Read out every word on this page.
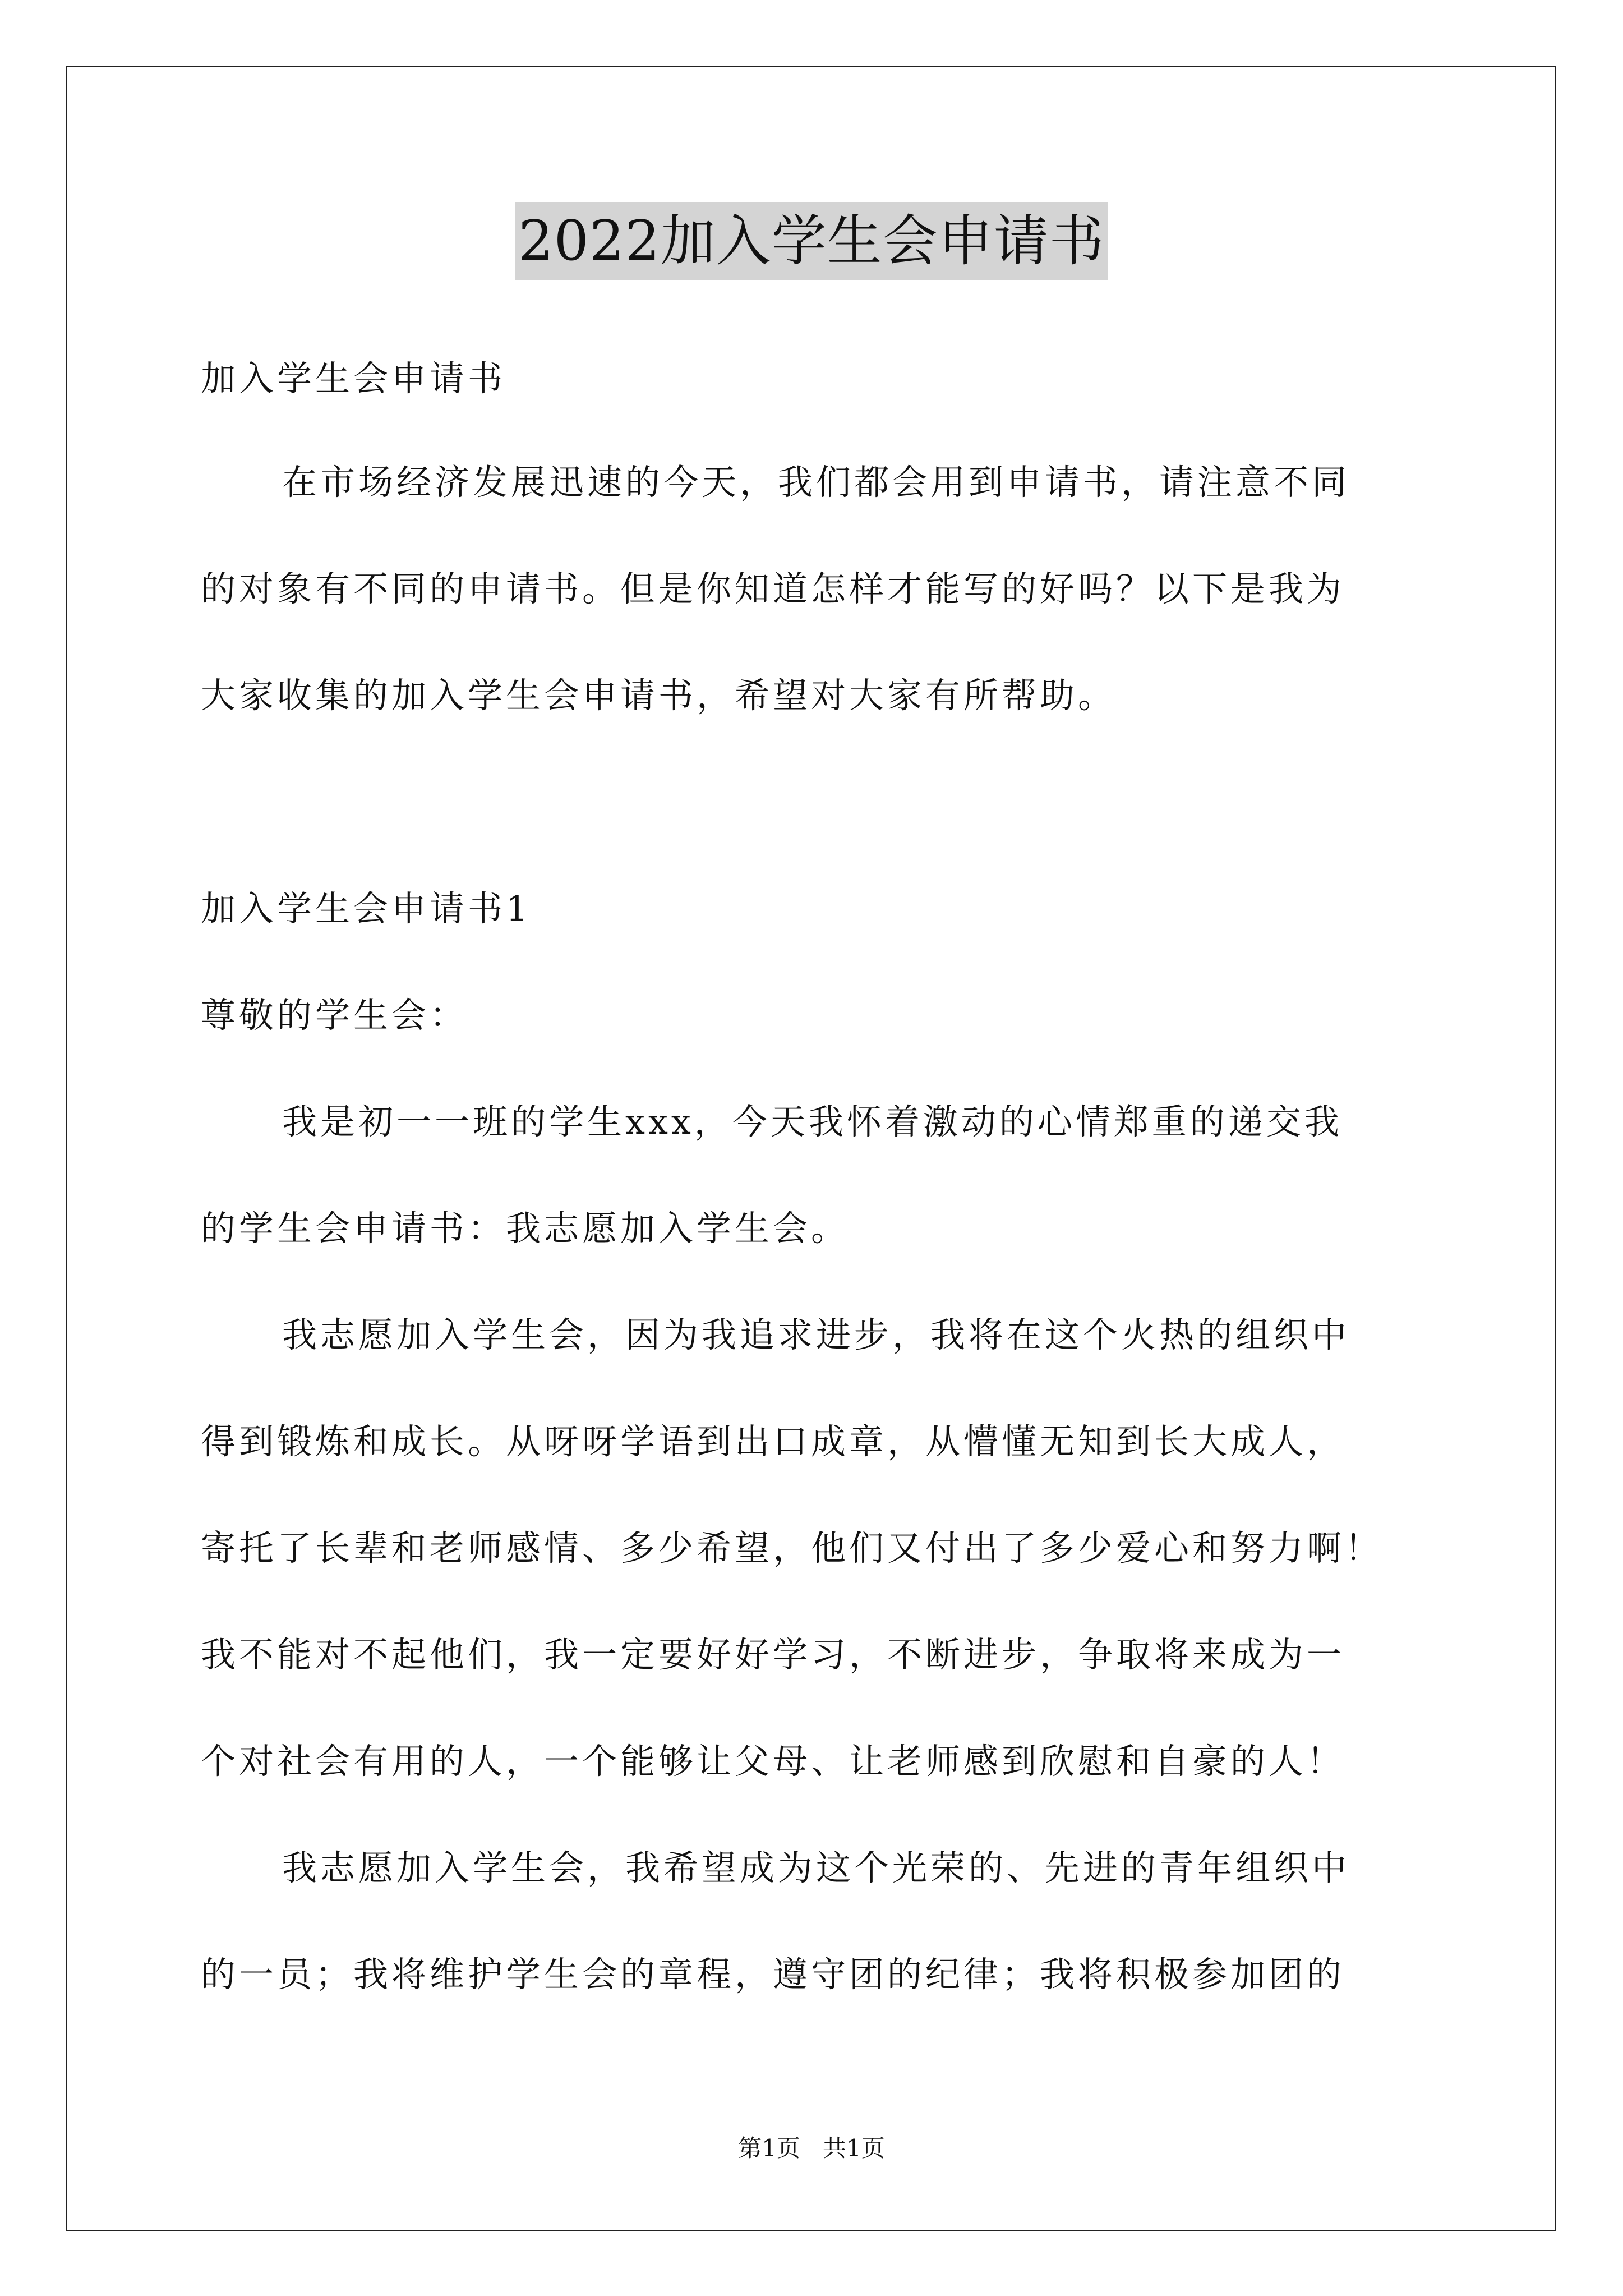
2022加入学生会申请书
加入学生会申请书
在市场经济发展迅速的今天，我们都会用到申请书，请注意不同
的对象有不同的申请书。但是你知道怎样才能写的好吗？以下是我为
大家收集的加入学生会申请书，希望对大家有所帮助。
加入学生会申请书1
尊敬的学生会：
我是初一一班的学生xxx，今天我怀着激动的心情郑重的递交我
的学生会申请书：我志愿加入学生会。
我志愿加入学生会，因为我追求进步，我将在这个火热的组织中
得到锻炼和成长。从呀呀学语到出口成章，从懵懂无知到长大成人，
寄托了长辈和老师感情、多少希望，他们又付出了多少爱心和努力啊！
我不能对不起他们，我一定要好好学习，不断进步，争取将来成为一
个对社会有用的人，一个能够让父母、让老师感到欣慰和自豪的人！
我志愿加入学生会，我希望成为这个光荣的、先进的青年组织中
的一员；我将维护学生会的章程，遵守团的纪律；我将积极参加团的
第1页   共1页
